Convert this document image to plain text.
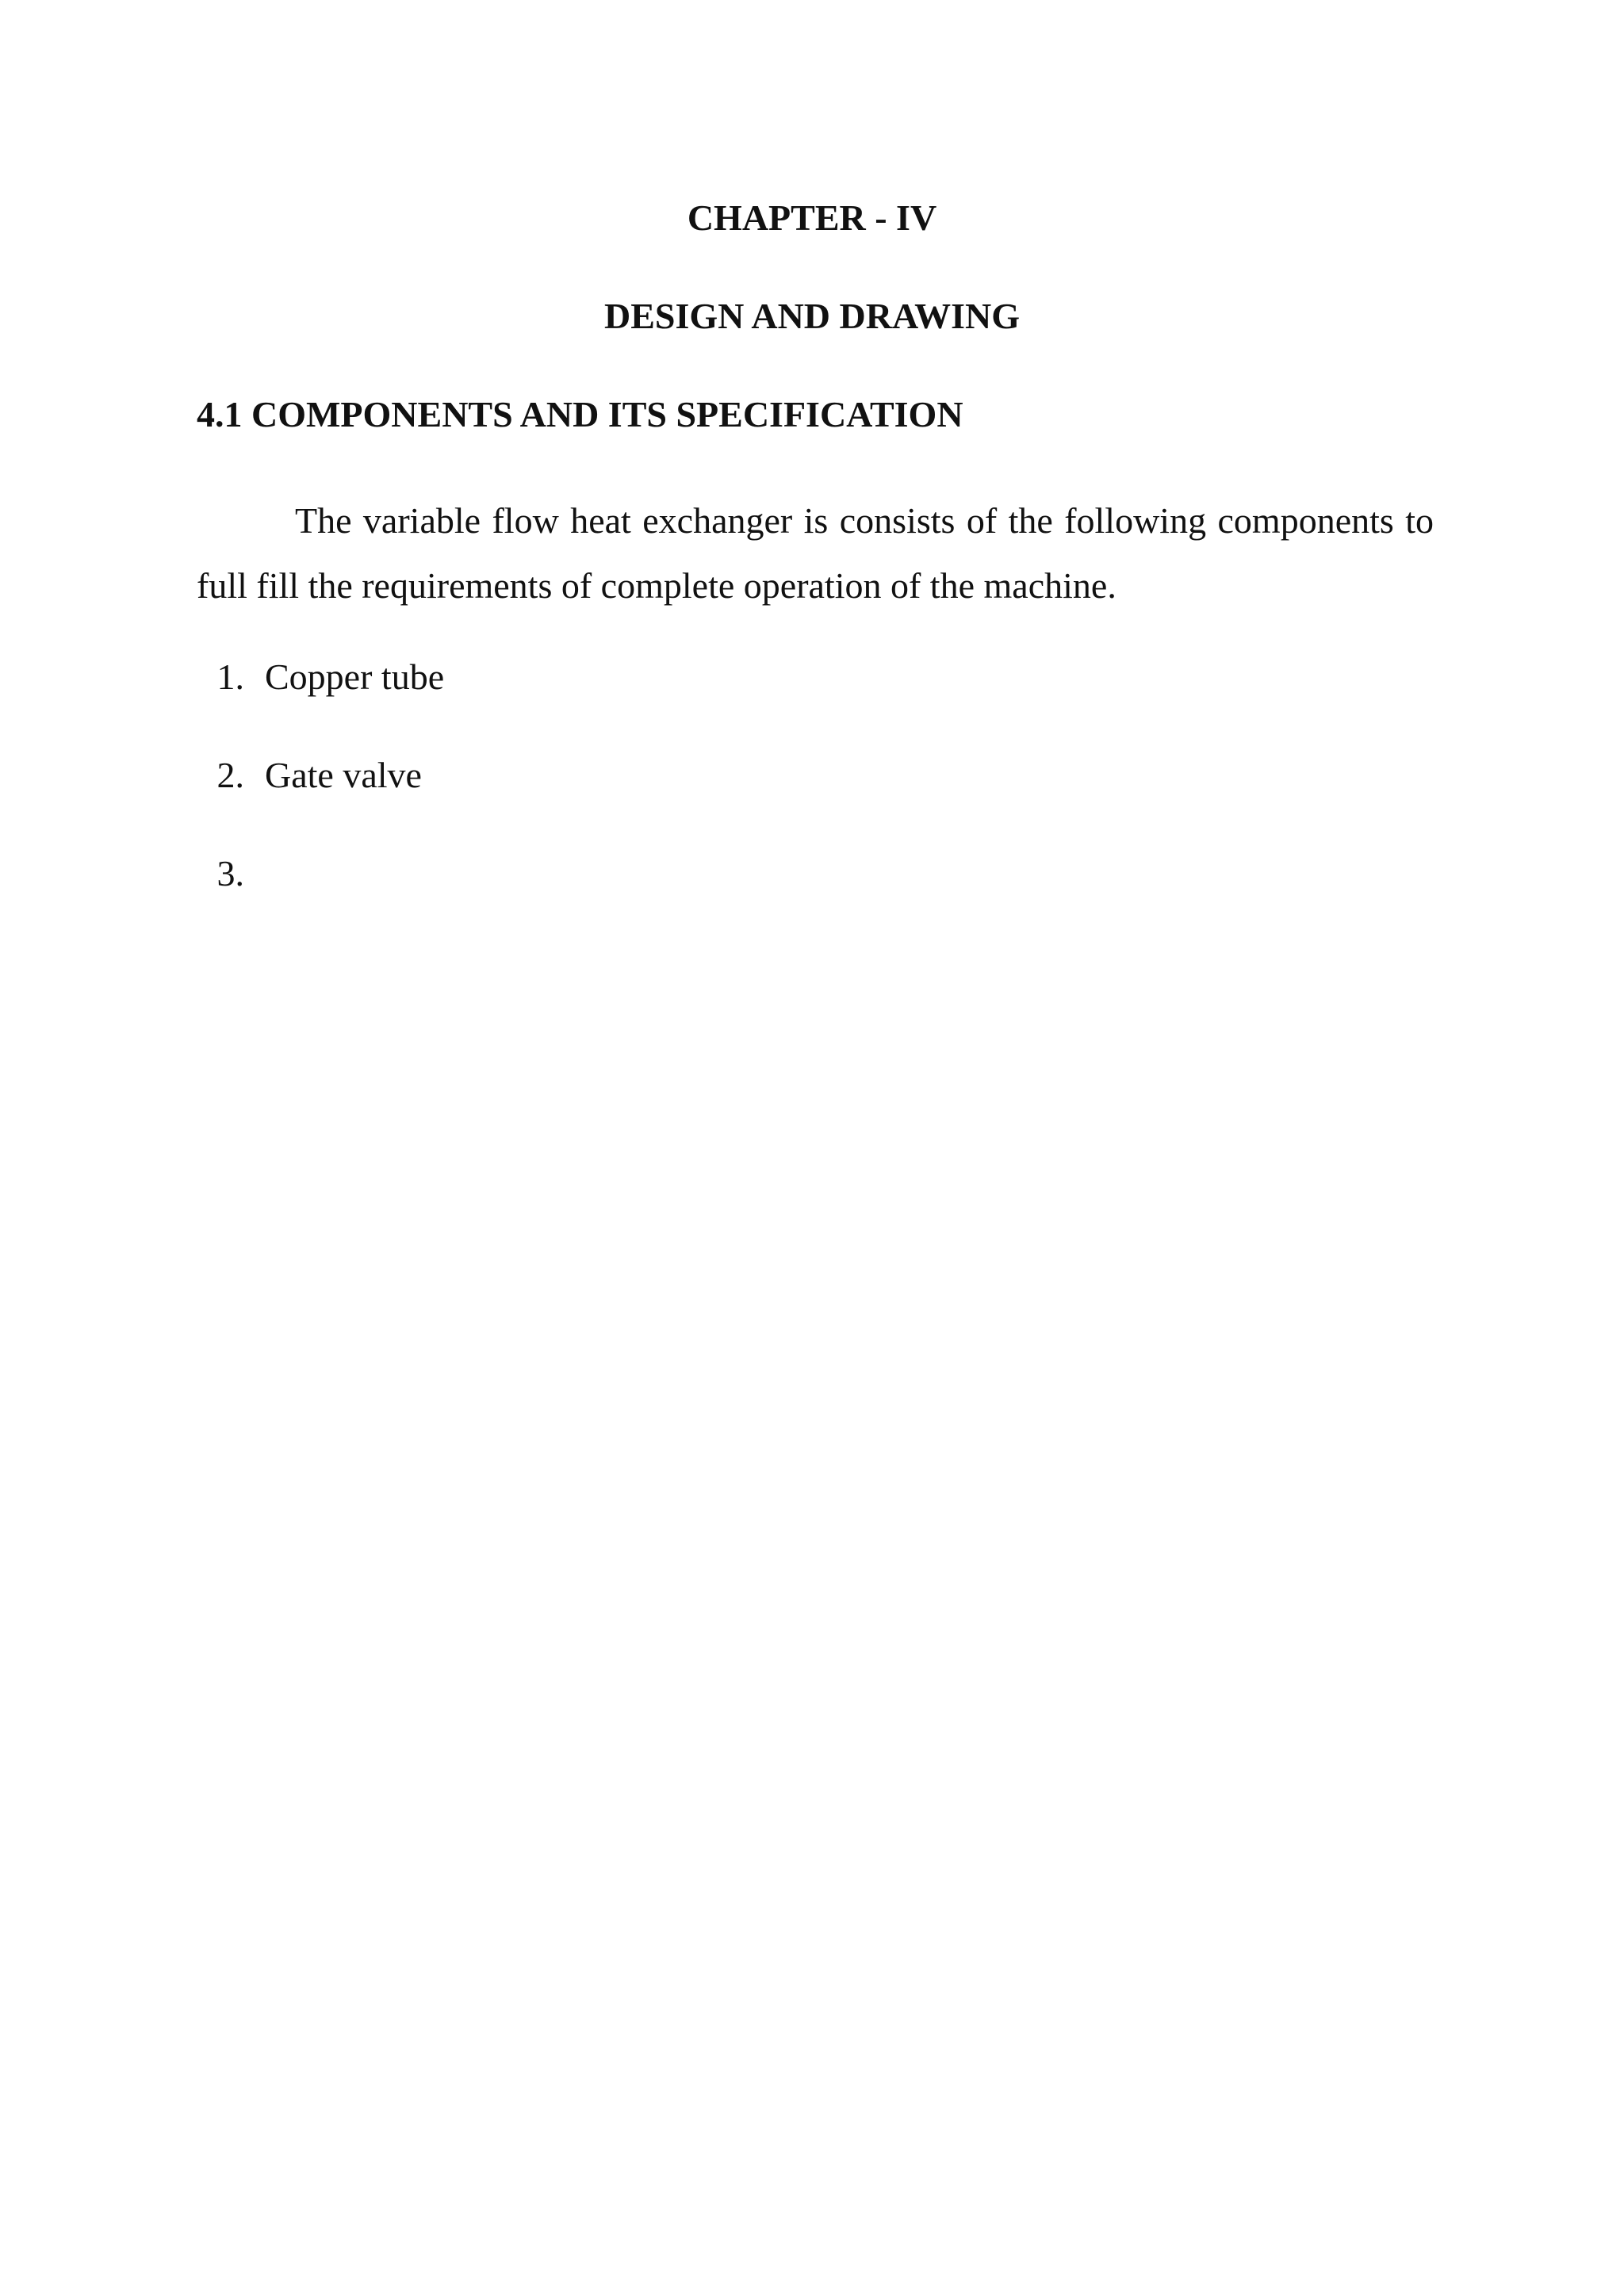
CHAPTER - IV
DESIGN AND DRAWING
4.1 COMPONENTS AND ITS SPECIFICATION

The variable flow heat exchanger is consists of the following components to full fill the requirements of complete operation of the machine.

1. Copper tube
2. Gate valve
3.
